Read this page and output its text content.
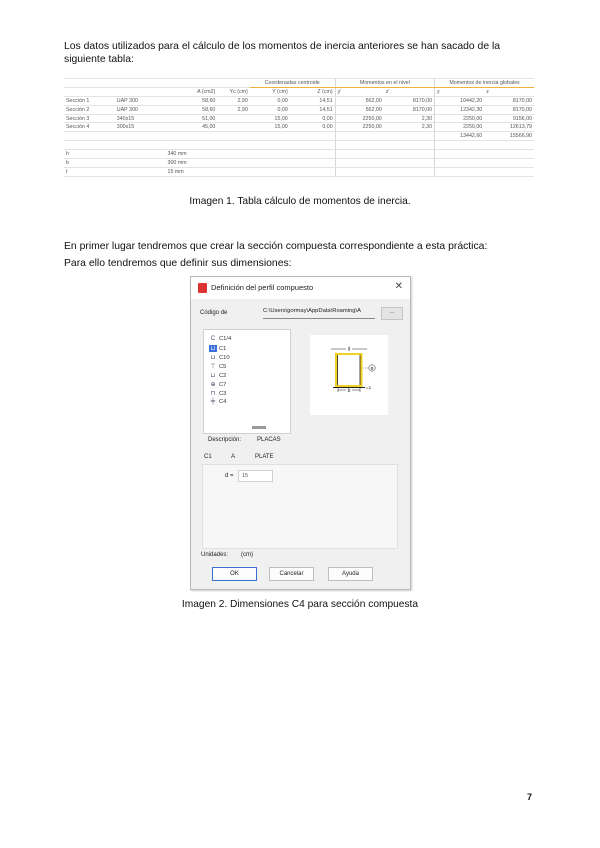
Los datos utilizados para el cálculo de los momentos de inercia anteriores se han sacado de la siguiente tabla:
				Coordenadas centroide		Momentos en el nivel		Momentos de inercia globales	
		A (cm2)	Yc (cm)	Y (cm)	Z (cm)	y'	z'	y	z
Sección 1	UAP 300	58,60	2,90	0,00	14,51	562,00	8170,00	10442,20	8170,00
Sección 2	UAP 300	58,60	2,90	0,00	14,51	562,00	8170,00	12342,30	8170,00
Sección 3	340x15	51,00		15,00	0,00	2250,00	2,30	2250,00	9156,00
Sección 4	300x15	45,00		15,00	0,00	2250,00	2,30	2250,00	12613,79
								13442,60	15566,90

h		340 mm							
b		300 mm							
t		15 mm							
Imagen 1. Tabla cálculo de momentos de inercia.
En primer lugar tendremos que crear la sección compuesta correspondiente a esta práctica:
Para ello tendremos que definir sus dimensiones:
Definición del perfil compuesto	✕
Código de	C:\Users\gormay\AppData\Roaming\A	...
C C1/4
⊔ C1
⊔ C10
⊤ C5
⊔ C2
⊕ C7
⊓ C3
╪ C4
d
b
=1
B
Descripción:	PLACAS
C1	A	PLATE
d =	15
Unidades: (cm)
OK	Cancelar	Ayuda
Imagen 2. Dimensiones C4 para sección compuesta
7
